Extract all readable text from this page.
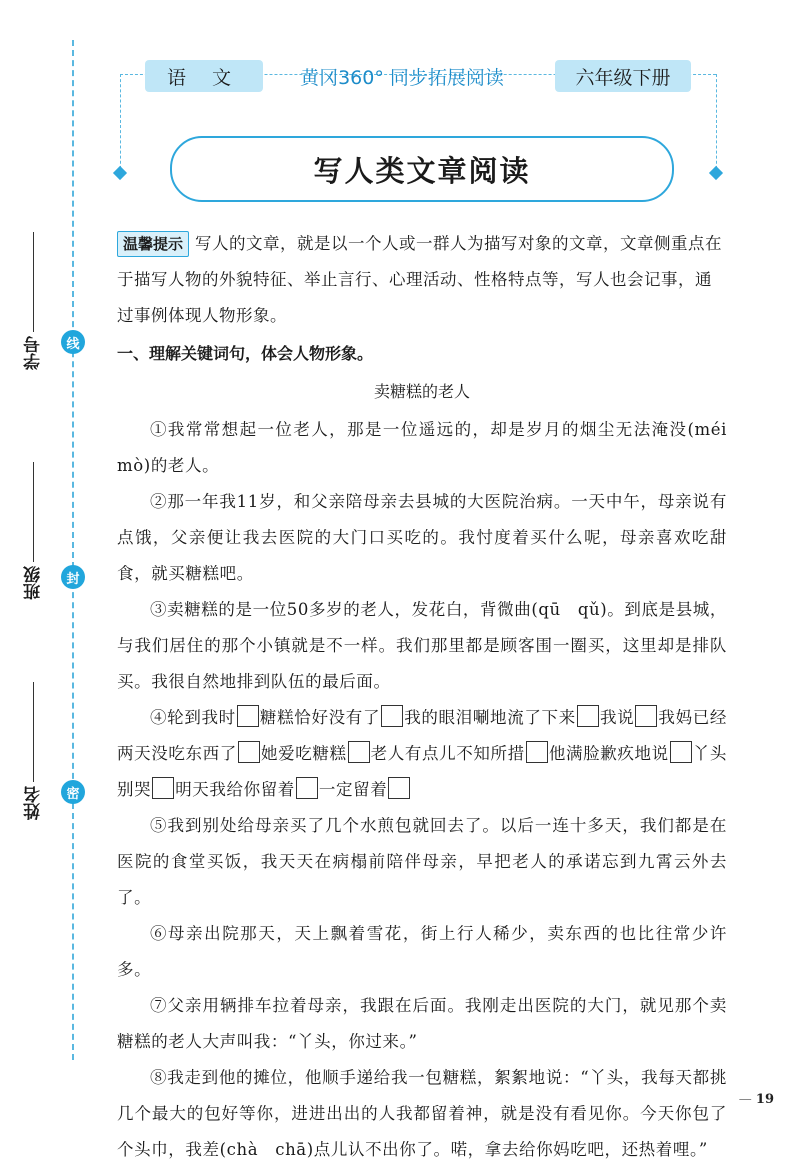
学号	线
班级	封
姓名	密
语 文	黄冈360° 同步拓展阅读	六年级下册
写人类文章阅读
温馨提示 写人的文章，就是以一个人或一群人为描写对象的文章，文章侧重点在于描写人物的外貌特征、举止言行、心理活动、性格特点等，写人也会记事，通过事例体现人物形象。
一、理解关键词句，体会人物形象。
卖糖糕的老人
①我常常想起一位老人，那是一位遥远的，却是岁月的烟尘无法淹没(méi　mò)的老人。
②那一年我11岁，和父亲陪母亲去县城的大医院治病。一天中午，母亲说有点饿，父亲便让我去医院的大门口买吃的。我忖度着买什么呢，母亲喜欢吃甜食，就买糖糕吧。
③卖糖糕的是一位50多岁的老人，发花白，背微曲(qū　qǔ)。到底是县城，与我们居住的那个小镇就是不一样。我们那里都是顾客围一圈买，这里却是排队买。我很自然地排到队伍的最后面。
④轮到我时 糖糕恰好没有了 我的眼泪唰地流了下来 我说 我妈已经两天没吃东西了 她爱吃糖糕 老人有点儿不知所措 他满脸歉疚地说 丫头别哭 明天我给你留着 一定留着
⑤我到别处给母亲买了几个水煎包就回去了。以后一连十多天，我们都是在医院的食堂买饭，我天天在病榻前陪伴母亲，早把老人的承诺忘到九霄云外去了。
⑥母亲出院那天，天上飘着雪花，街上行人稀少，卖东西的也比往常少许多。
⑦父亲用辆排车拉着母亲，我跟在后面。我刚走出医院的大门，就见那个卖糖糕的老人大声叫我：“丫头，你过来。”
⑧我走到他的摊位，他顺手递给我一包糖糕，絮絮地说：“丫头，我每天都挑几个最大的包好等你，进进出出的人我都留着神，就是没有看见你。今天你包了个头巾，我差(chà　chā)点儿认不出你了。喏，拿去给你妈吃吧，还热着哩。”
— 19
